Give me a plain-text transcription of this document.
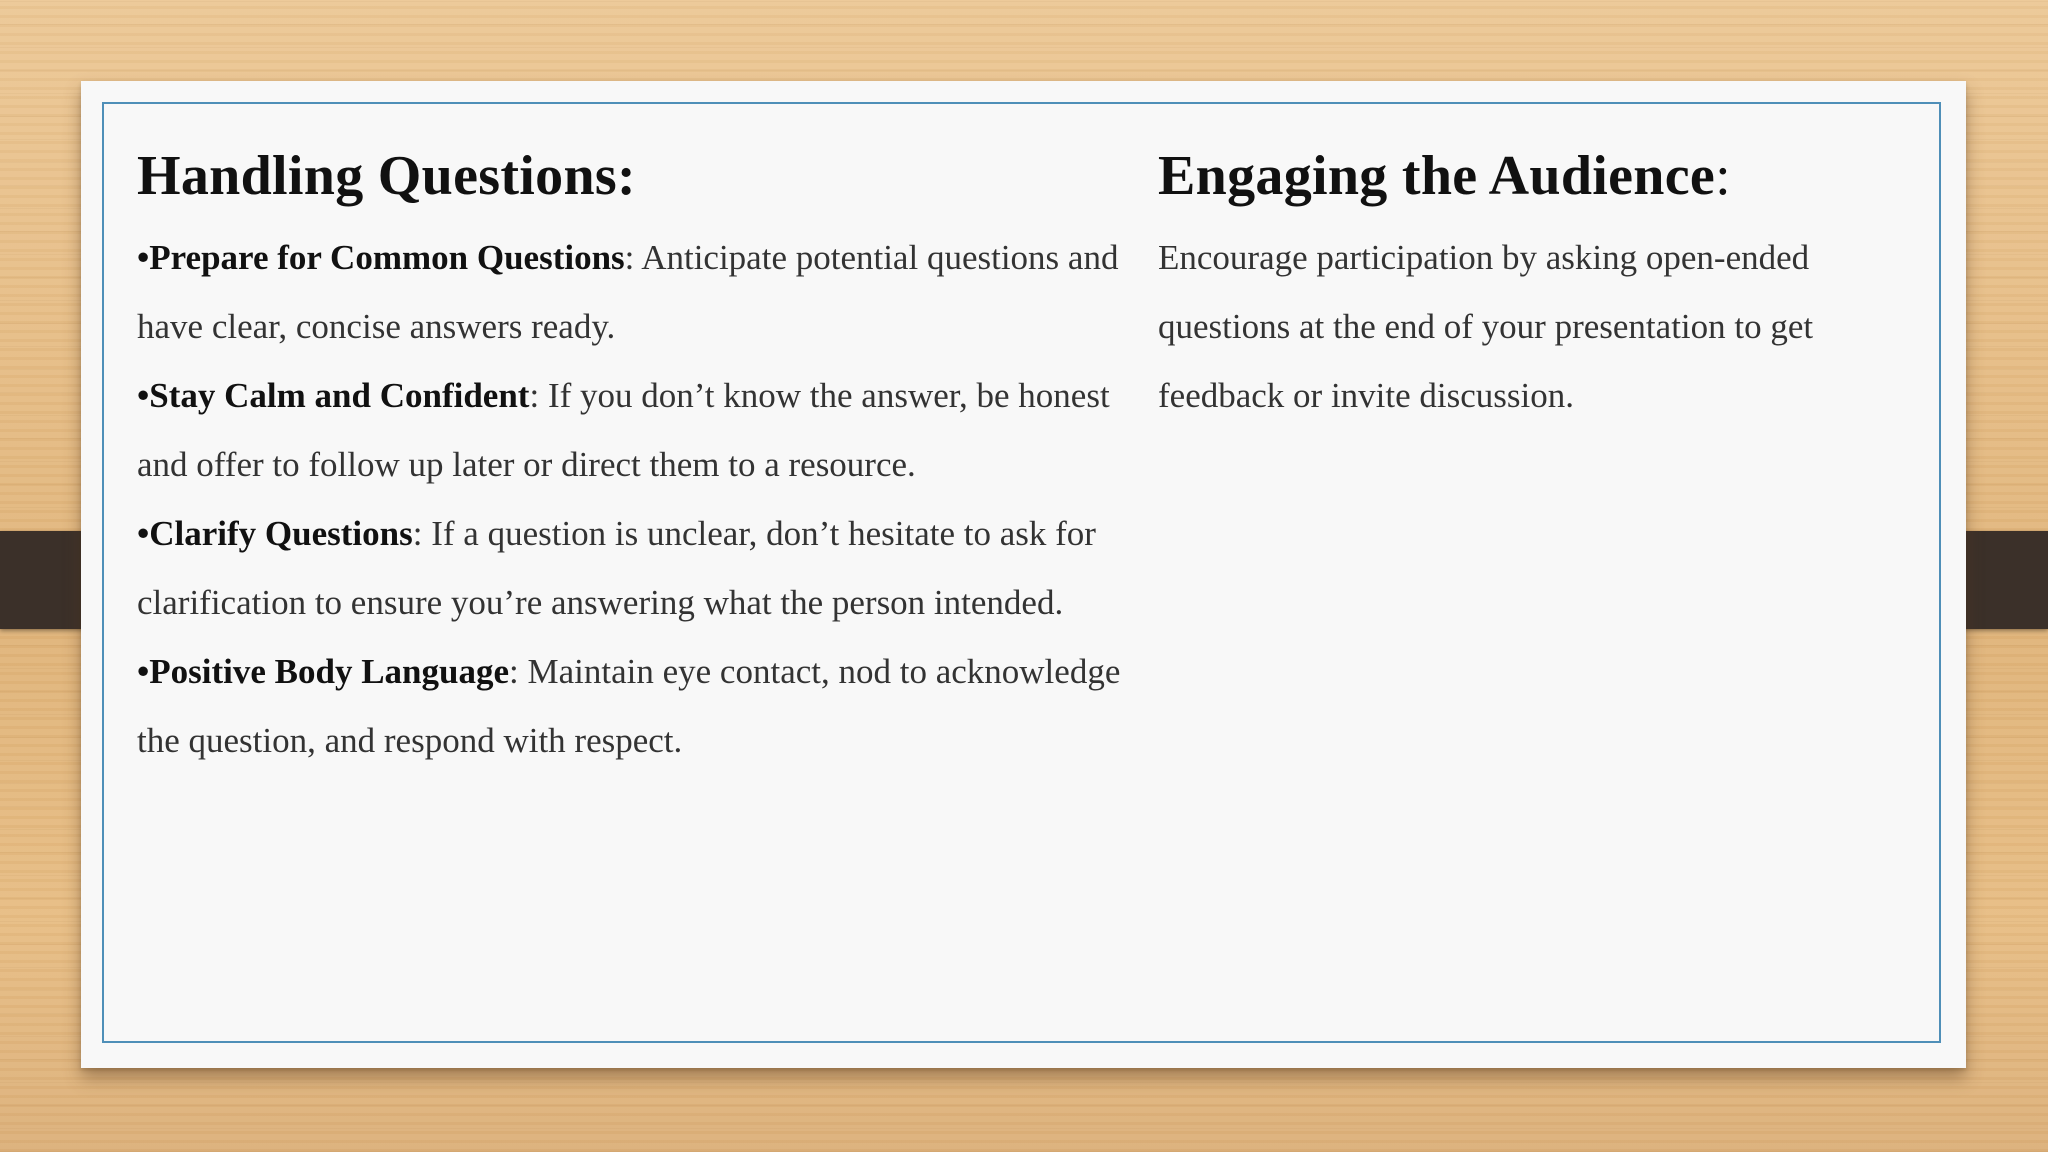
Handling Questions:

•Prepare for Common Questions: Anticipate potential questions and have clear, concise answers ready.

•Stay Calm and Confident: If you don’t know the answer, be honest and offer to follow up later or direct them to a resource.

•Clarify Questions: If a question is unclear, don’t hesitate to ask for clarification to ensure you’re answering what the person intended.

•Positive Body Language: Maintain eye contact, nod to acknowledge the question, and respond with respect.

Engaging the Audience:
Encourage participation by asking open-ended questions at the end of your presentation to get feedback or invite discussion.
